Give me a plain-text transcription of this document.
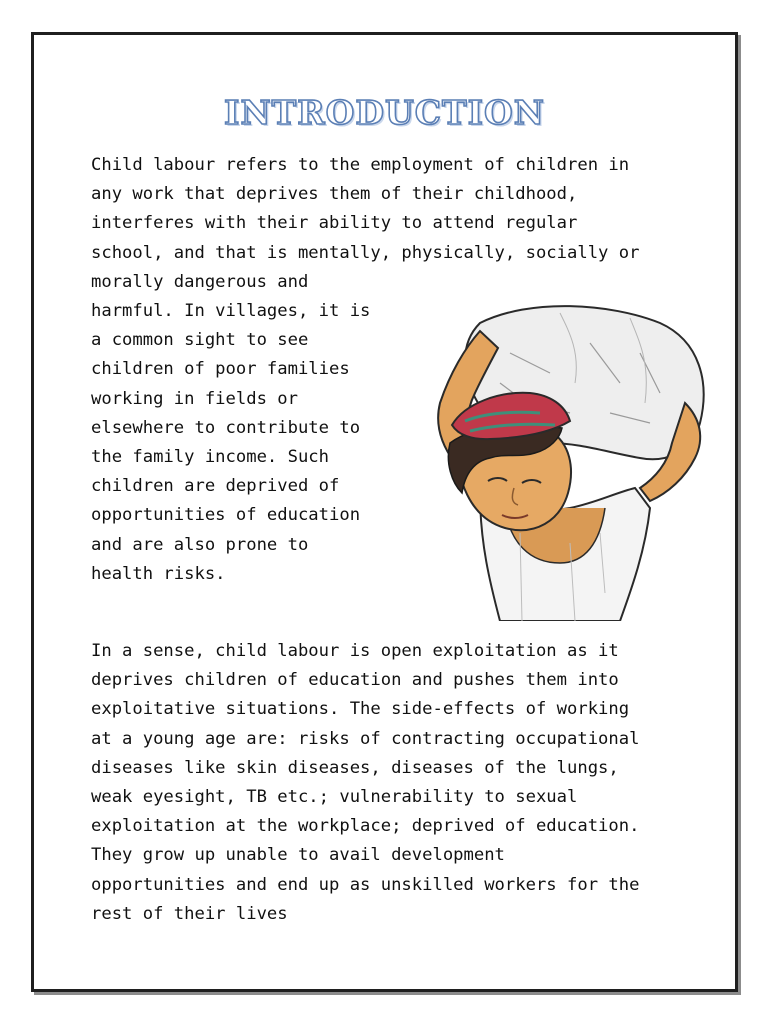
INTRODUCTION
Child labour refers to the employment of children in
any work that deprives them of their childhood,
interferes with their ability to attend regular
school, and that is mentally, physically, socially or
morally dangerous and
harmful. In villages, it is
a common sight to see
children of poor families
working in fields or
elsewhere to contribute to
the family income. Such
children are deprived of
opportunities of education
and are also prone to
health risks.
In a sense, child labour is open exploitation as it
deprives children of education and pushes them into
exploitative situations. The side-effects of working
at a young age are: risks of contracting occupational
diseases like skin diseases, diseases of the lungs,
weak eyesight, TB etc.; vulnerability to sexual
exploitation at the workplace; deprived of education.
They grow up unable to avail development
opportunities and end up as unskilled workers for the
rest of their lives
